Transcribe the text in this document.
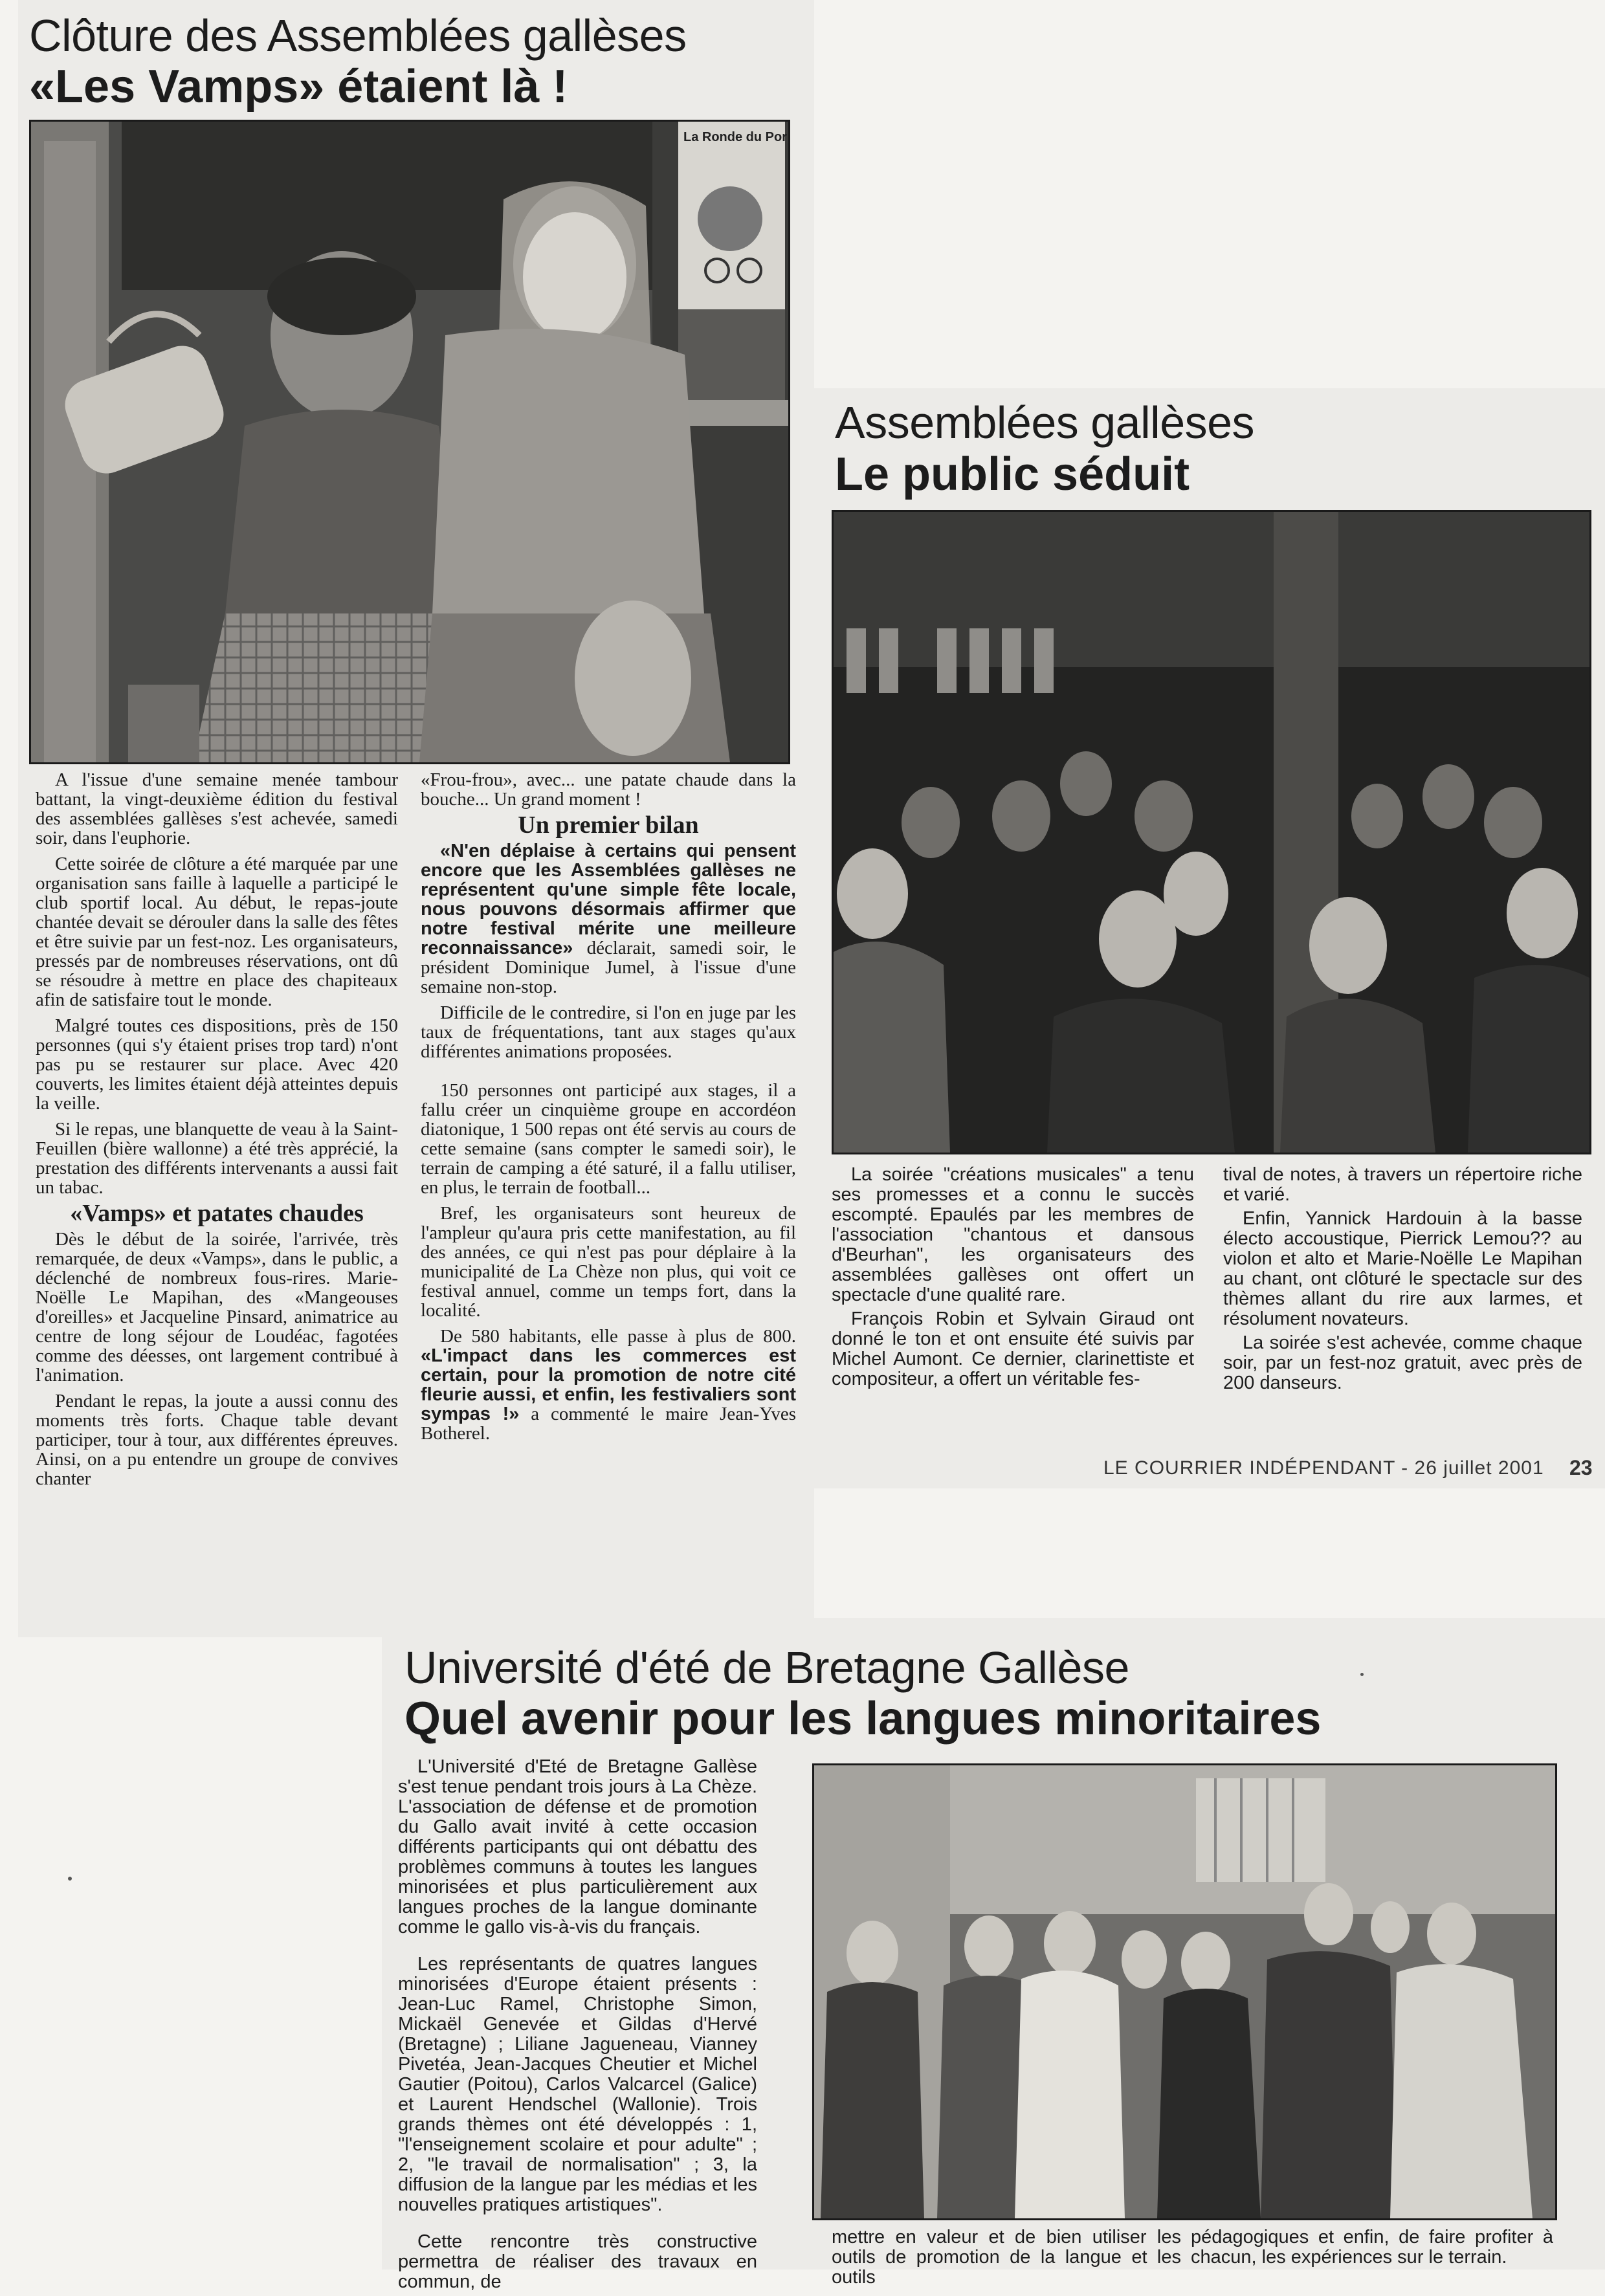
Clôture des Assemblées gallèses
«Les Vamps» étaient là !
La Ronde du Por

A l'issue d'une semaine menée tambour battant, la vingt-deuxième édition du festival des assemblées gallèses s'est achevée, samedi soir, dans l'euphorie.

Cette soirée de clôture a été marquée par une organisation sans faille à laquelle a participé le club sportif local. Au début, le repas-joute chantée devait se dérouler dans la salle des fêtes et être suivie par un fest-noz. Les organisateurs, pressés par de nombreuses réservations, ont dû se résoudre à mettre en place des chapiteaux afin de satisfaire tout le monde.

Malgré toutes ces dispositions, près de 150 personnes (qui s'y étaient prises trop tard) n'ont pas pu se restaurer sur place. Avec 420 couverts, les limites étaient déjà atteintes depuis la veille.

Si le repas, une blanquette de veau à la Saint-Feuillen (bière wallonne) a été très apprécié, la prestation des différents intervenants a aussi fait un tabac.

«Vamps» et patates chaudes

Dès le début de la soirée, l'arrivée, très remarquée, de deux «Vamps», dans le public, a déclenché de nombreux fous-rires. Marie-Noëlle Le Mapihan, des «Mangeouses d'oreilles» et Jacqueline Pinsard, animatrice au centre de long séjour de Loudéac, fagotées comme des déesses, ont largement contribué à l'animation.

Pendant le repas, la joute a aussi connu des moments très forts. Chaque table devant participer, tour à tour, aux différentes épreuves. Ainsi, on a pu entendre un groupe de convives chanter

«Frou-frou», avec... une patate chaude dans la bouche... Un grand moment !

Un premier bilan

«N'en déplaise à certains qui pensent encore que les Assemblées gallèses ne représentent qu'une simple fête locale, nous pouvons désormais affirmer que notre festival mérite une meilleure reconnaissance» déclarait, samedi soir, le président Dominique Jumel, à l'issue d'une semaine non-stop.

Difficile de le contredire, si l'on en juge par les taux de fréquentations, tant aux stages qu'aux différentes animations proposées.

150 personnes ont participé aux stages, il a fallu créer un cinquième groupe en accordéon diatonique, 1 500 repas ont été servis au cours de cette semaine (sans compter le samedi soir), le terrain de camping a été saturé, il a fallu utiliser, en plus, le terrain de football...

Bref, les organisateurs sont heureux de l'ampleur qu'aura pris cette manifestation, au fil des années, ce qui n'est pas pour déplaire à la municipalité de La Chèze non plus, qui voit ce festival annuel, comme un temps fort, dans la localité.

De 580 habitants, elle passe à plus de 800. «L'impact dans les commerces est certain, pour la promotion de notre cité fleurie aussi, et enfin, les festivaliers sont sympas !» a commenté le maire Jean-Yves Botherel.

Assemblées gallèses
Le public séduit

La soirée "créations musicales" a tenu ses promesses et a connu le succès escompté. Epaulés par les membres de l'association "chantous et dansous d'Beurhan", les organisateurs des assemblées gallèses ont offert un spectacle d'une qualité rare.

François Robin et Sylvain Giraud ont donné le ton et ont ensuite été suivis par Michel Aumont. Ce dernier, clarinettiste et compositeur, a offert un véritable fes-

tival de notes, à travers un répertoire riche et varié.

Enfin, Yannick Hardouin à la basse électo accoustique, Pierrick Lemou?? au violon et alto et Marie-Noëlle Le Mapihan au chant, ont clôturé le spectacle sur des thèmes allant du rire aux larmes, et résolument novateurs.

La soirée s'est achevée, comme chaque soir, par un fest-noz gratuit, avec près de 200 danseurs.

LE COURRIER INDÉPENDANT - 26 juillet 2001 23
Université d'été de Bretagne Gallèse
Quel avenir pour les langues minoritaires

L'Université d'Eté de Bretagne Gallèse s'est tenue pendant trois jours à La Chèze. L'association de défense et de promotion du Gallo avait invité à cette occasion différents participants qui ont débattu des problèmes communs à toutes les langues minorisées et plus particulièrement aux langues proches de la langue dominante comme le gallo vis-à-vis du français.

Les représentants de quatres langues minorisées d'Europe étaient présents : Jean-Luc Ramel, Christophe Simon, Mickaël Genevée et Gildas d'Hervé (Bretagne) ; Liliane Jagueneau, Vianney Pivetéa, Jean-Jacques Cheutier et Michel Gautier (Poitou), Carlos Valcarcel (Galice) et Laurent Hendschel (Wallonie). Trois grands thèmes ont été développés : 1, "l'enseignement scolaire et pour adulte" ; 2, "le travail de normalisation" ; 3, la diffusion de la langue par les médias et les nouvelles pratiques artistiques".

Cette rencontre très constructive permettra de réaliser des travaux en commun, de

mettre en valeur et de bien utiliser les outils de promotion de la langue et les outils
pédagogiques et enfin, de faire profiter à chacun, les expériences sur le terrain.
